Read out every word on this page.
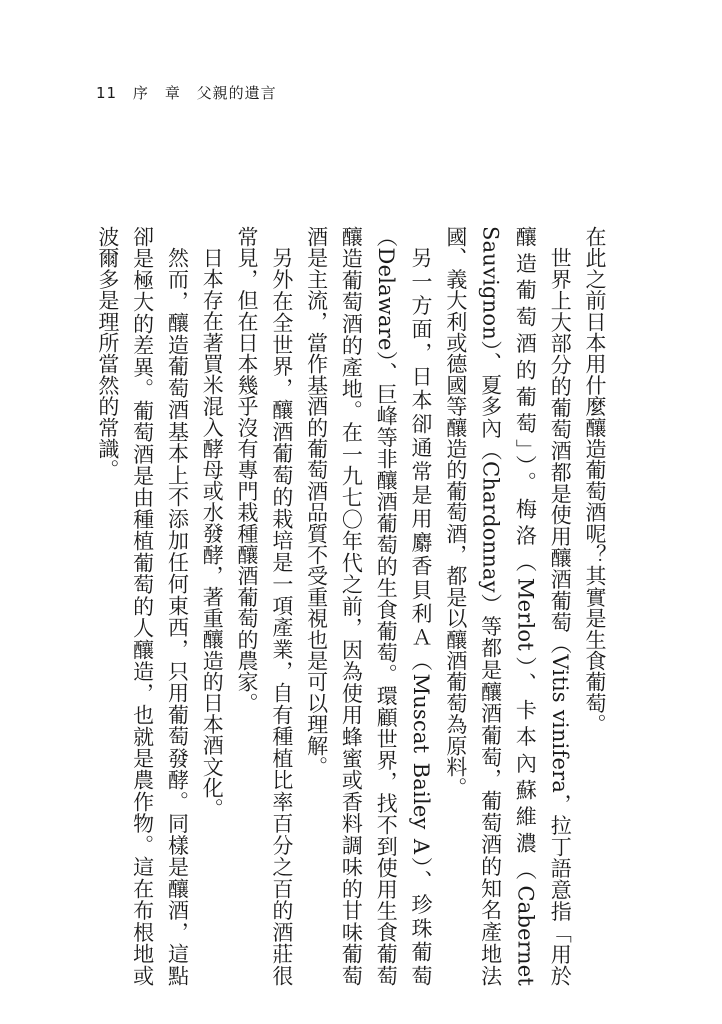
11 序　章 父親的遺言

在此之前日本用什麼釀造葡萄酒呢？其實是生食葡萄。

世界上大部分的葡萄酒都是使用釀酒葡萄（Vitis vinifera，拉丁語意指「用於釀造葡萄酒的葡萄」）。梅洛（Merlot）、卡本內蘇維濃（Cabernet Sauvignon）、夏多內（Chardonnay）等都是釀酒葡萄，葡萄酒的知名產地法國、義大利或德國等釀造的葡萄酒，都是以釀酒葡萄為原料。

另一方面，日本卻通常是用麝香貝利Ａ（Muscat Bailey A）、珍珠葡萄（Delaware）、巨峰等非釀酒葡萄的生食葡萄。環顧世界，找不到使用生食葡萄釀造葡萄酒的產地。在一九七〇年代之前，因為使用蜂蜜或香料調味的甘味葡萄酒是主流，當作基酒的葡萄酒品質不受重視也是可以理解。

另外在全世界，釀酒葡萄的栽培是一項產業，自有種植比率百分之百的酒莊很常見，但在日本幾乎沒有專門栽種釀酒葡萄的農家。

日本存在著買米混入酵母或水發酵，著重釀造的日本酒文化。

然而，釀造葡萄酒基本上不添加任何東西，只用葡萄發酵。同樣是釀酒，這點卻是極大的差異。葡萄酒是由種植葡萄的人釀造，也就是農作物。這在布根地或波爾多是理所當然的常識。
